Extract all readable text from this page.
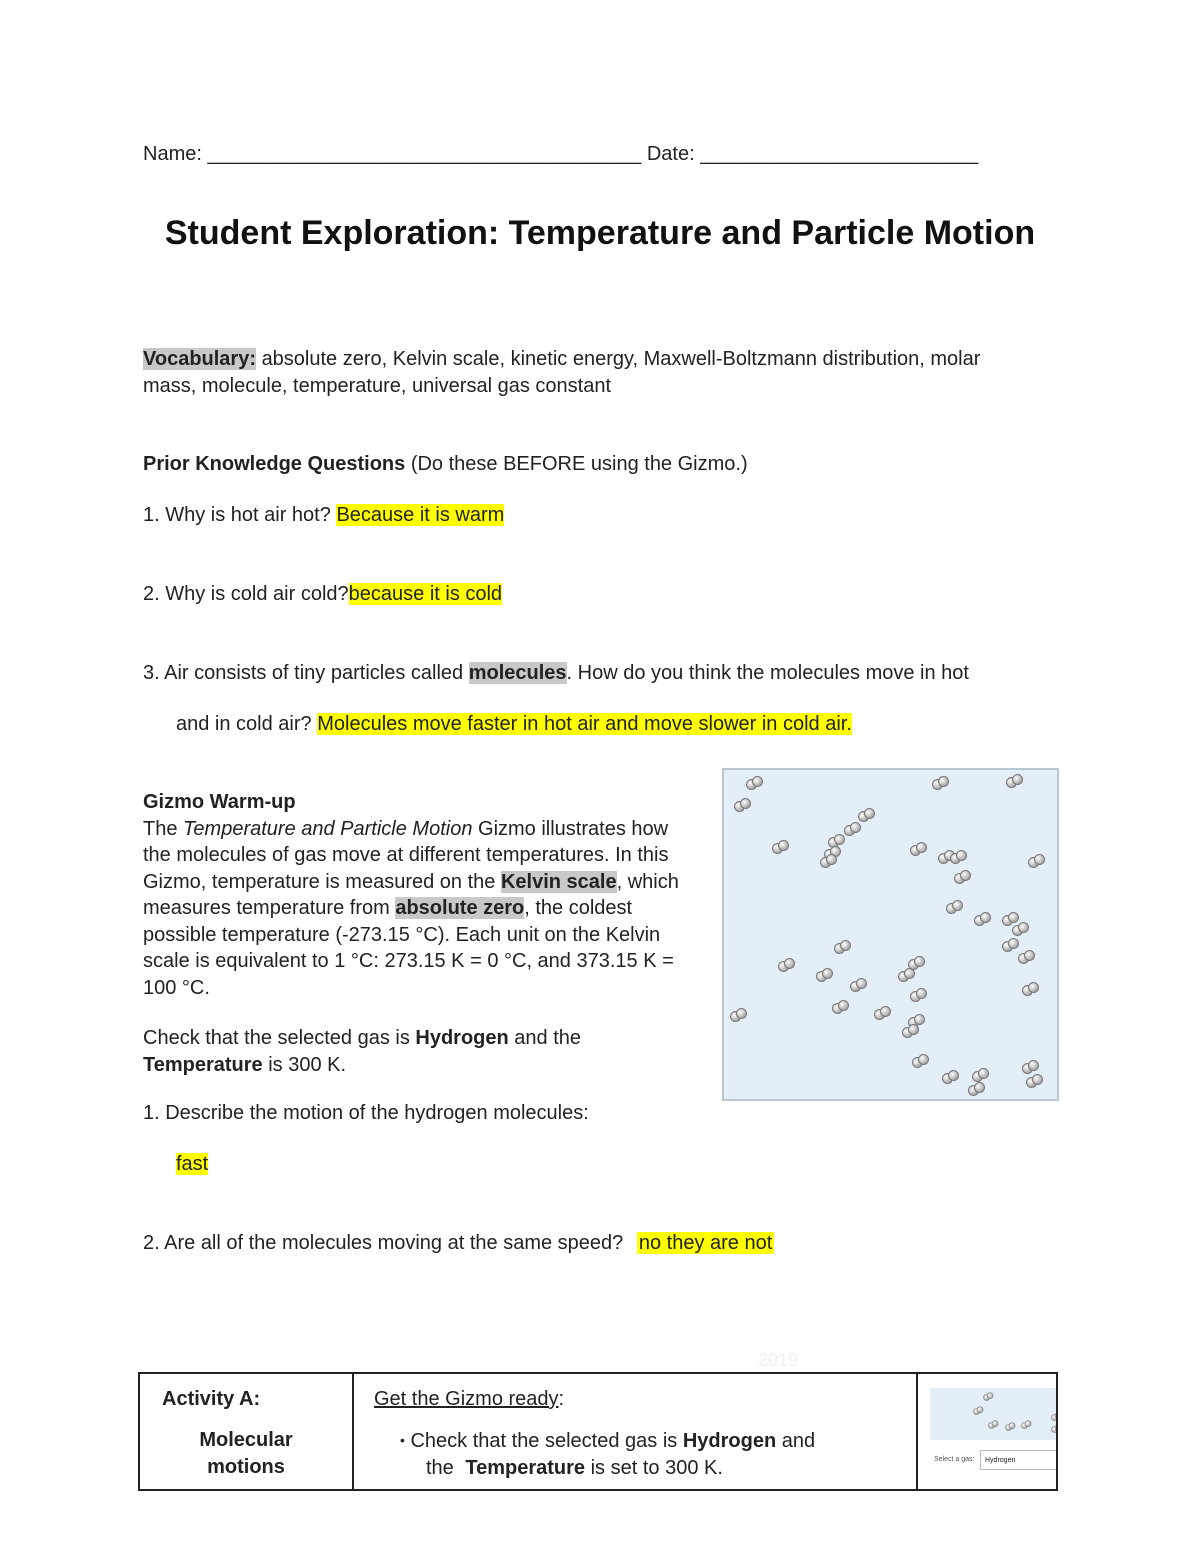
Name: _______________________________________ Date: _________________________
Student Exploration: Temperature and Particle Motion
Vocabulary: absolute zero, Kelvin scale, kinetic energy, Maxwell-Boltzmann distribution, molar
mass, molecule, temperature, universal gas constant
Prior Knowledge Questions (Do these BEFORE using the Gizmo.)
1. Why is hot air hot? Because it is warm
2. Why is cold air cold?because it is cold
3. Air consists of tiny particles called molecules. How do you think the molecules move in hot
and in cold air? Molecules move faster in hot air and move slower in cold air.
Gizmo Warm-up
The Temperature and Particle Motion Gizmo illustrates how the molecules of gas move at different temperatures. In this Gizmo, temperature is measured on the Kelvin scale, which measures temperature from absolute zero, the coldest possible temperature (-273.15 °C). Each unit on the Kelvin scale is equivalent to 1 °C: 273.15 K = 0 °C, and 373.15 K = 100 °C.
Check that the selected gas is Hydrogen and the Temperature is 300 K.
1. Describe the motion of the hydrogen molecules:
fast
2. Are all of the molecules moving at the same speed? no they are not
2019
Activity A:
Molecular
motions
Get the Gizmo ready:
• Check that the selected gas is Hydrogen and
the Temperature is set to 300 K.	Select a gas:	Hydrogen
